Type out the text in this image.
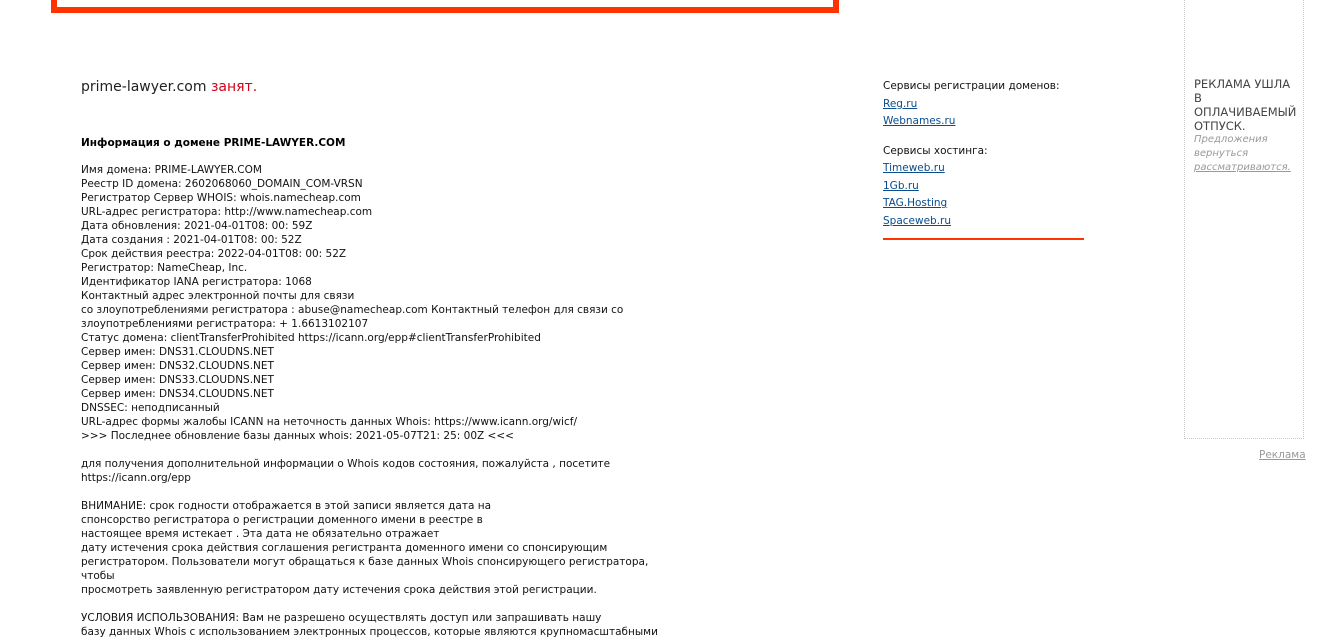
prime-lawyer.com занят.
Информация о домене PRIME-LAWYER.COM
Имя домена: PRIME-LAWYER.COM
Реестр ID домена: 2602068060_DOMAIN_COM-VRSN
Регистратор Сервер WHOIS: whois.namecheap.com
URL-адрес регистратора: http://www.namecheap.com
Дата обновления: 2021-04-01T08: 00: 59Z
Дата создания : 2021-04-01T08: 00: 52Z
Срок действия реестра: 2022-04-01T08: 00: 52Z
Регистратор: NameCheap, Inc.
Идентификатор IANA регистратора: 1068
Контактный адрес электронной почты для связи
со злоупотреблениями регистратора : abuse@namecheap.com Контактный телефон для связи со
злоупотреблениями регистратора: + 1.6613102107
Статус домена: clientTransferProhibited https://icann.org/epp#clientTransferProhibited
Сервер имен: DNS31.CLOUDNS.NET
Сервер имен: DNS32.CLOUDNS.NET
Сервер имен: DNS33.CLOUDNS.NET
Сервер имен: DNS34.CLOUDNS.NET
DNSSEC: неподписанный
URL-адрес формы жалобы ICANN на неточность данных Whois: https://www.icann.org/wicf/
>>> Последнее обновление базы данных whois: 2021-05-07T21: 25: 00Z <<<
для получения дополнительной информации о Whois кодов состояния, пожалуйста , посетите
https://icann.org/epp
ВНИМАНИЕ: срок годности отображается в этой записи является дата на
спонсорство регистратора о регистрации доменного имени в реестре в
настоящее время истекает . Эта дата не обязательно отражает
дату истечения срока действия соглашения регистранта доменного имени со спонсирующим
регистратором. Пользователи могут обращаться к базе данных Whois спонсирующего регистратора,
чтобы
просмотреть заявленную регистратором дату истечения срока действия этой регистрации.
УСЛОВИЯ ИСПОЛЬЗОВАНИЯ: Вам не разрешено осуществлять доступ или запрашивать нашу
базу данных Whois с использованием электронных процессов, которые являются крупномасштабными
Сервисы регистрации доменов:
Reg.ru
Webnames.ru
Сервисы хостинга:
Timeweb.ru
1Gb.ru
TAG.Hosting
Spaceweb.ru
РЕКЛАМА УШЛА
В ОПЛАЧИВАЕМЫЙ
ОТПУСК.
Предложения
вернуться
рассматриваются.
Реклама
